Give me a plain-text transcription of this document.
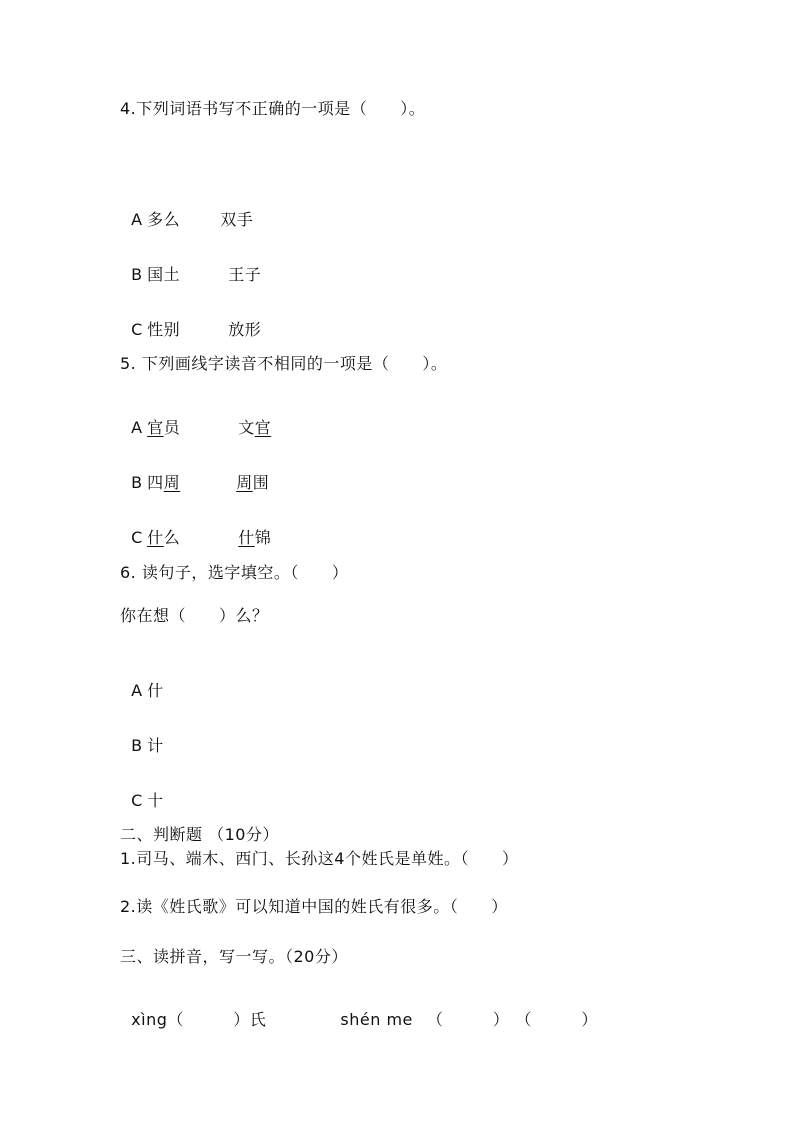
4.下列词语书写不正确的一项是（　　）。

A 多么	双手

B 国土	王子

C 性别	放形

5. 下列画线字读音不相同的一项是（　　）。

A 官员	文官

B 四周	周围

C 什么	什锦

6. 读句子，选字填空。（　　）
你在想（　　）么？

A 什

B 计

C 十

二、判断题 （10分）
1.司马、端木、西门、长孙这4个姓氏是单姓。（　　）
2.读《姓氏歌》可以知道中国的姓氏有很多。（　　）
三、读拼音，写一写。（20分）

xìng（　　　）氏	shén me （　　　） （　　　）
